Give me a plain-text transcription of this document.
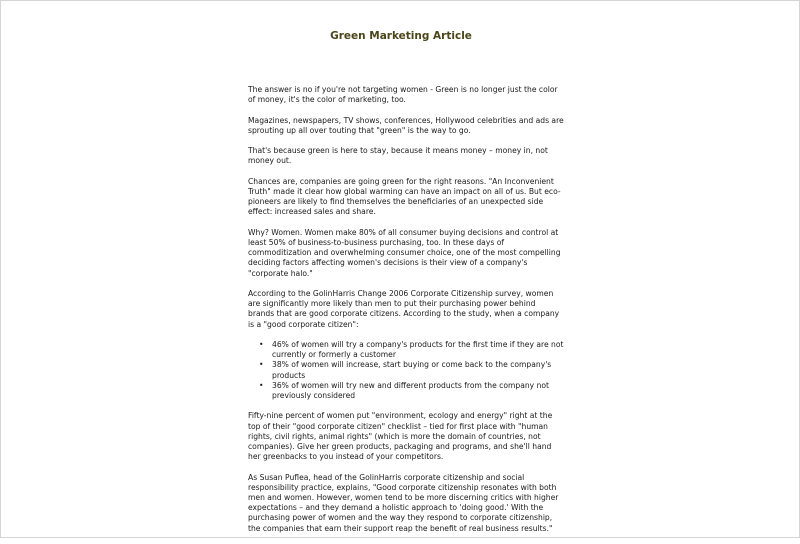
Green Marketing Article

The answer is no if you're not targeting women - Green is no longer just the color of money, it's the color of marketing, too.

Magazines, newspapers, TV shows, conferences, Hollywood celebrities and ads are sprouting up all over touting that "green" is the way to go.

That's because green is here to stay, because it means money – money in, not money out.

Chances are, companies are going green for the right reasons. "An Inconvenient Truth" made it clear how global warming can have an impact on all of us. But eco-pioneers are likely to find themselves the beneficiaries of an unexpected side effect: increased sales and share.

Why? Women. Women make 80% of all consumer buying decisions and control at least 50% of business-to-business purchasing, too. In these days of commoditization and overwhelming consumer choice, one of the most compelling deciding factors affecting women's decisions is their view of a company's "corporate halo."

According to the GolinHarris Change 2006 Corporate Citizenship survey, women are significantly more likely than men to put their purchasing power behind brands that are good corporate citizens. According to the study, when a company is a "good corporate citizen":

• 46% of women will try a company's products for the first time if they are not currently or formerly a customer
• 38% of women will increase, start buying or come back to the company's products
• 36% of women will try new and different products from the company not previously considered

Fifty-nine percent of women put "environment, ecology and energy" right at the top of their "good corporate citizen" checklist – tied for first place with "human rights, civil rights, animal rights" (which is more the domain of countries, not companies). Give her green products, packaging and programs, and she'll hand her greenbacks to you instead of your competitors.

As Susan Puflea, head of the GolinHarris corporate citizenship and social responsibility practice, explains, "Good corporate citizenship resonates with both men and women. However, women tend to be more discerning critics with higher expectations – and they demand a holistic approach to 'doing good.' With the purchasing power of women and the way they respond to corporate citizenship, the companies that earn their support reap the benefit of real business results."
